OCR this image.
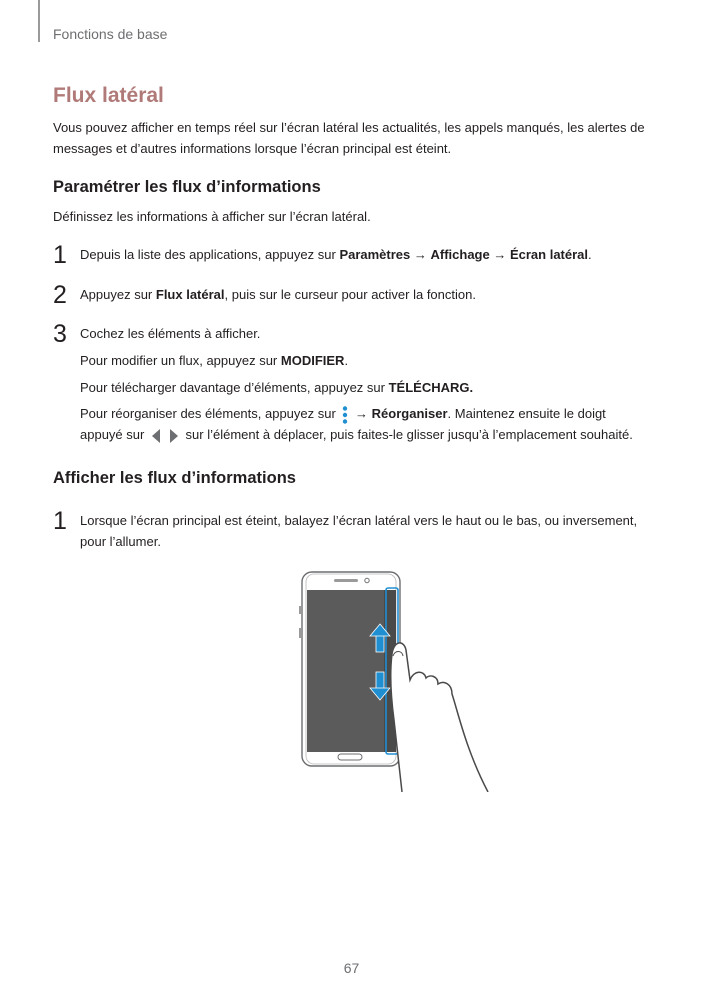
Fonctions de base
Flux latéral

Vous pouvez afficher en temps réel sur l’écran latéral les actualités, les appels manqués, les alertes de messages et d’autres informations lorsque l’écran principal est éteint.

Paramétrer les flux d’informations

Définissez les informations à afficher sur l’écran latéral.

1 Depuis la liste des applications, appuyez sur Paramètres → Affichage → Écran latéral.
2 Appuyez sur Flux latéral, puis sur le curseur pour activer la fonction.
3 Cochez les éléments à afficher.
Pour modifier un flux, appuyez sur MODIFIER.
Pour télécharger davantage d’éléments, appuyez sur TÉLÉCHARG.
Pour réorganiser des éléments, appuyez sur  → Réorganiser. Maintenez ensuite le doigt
appuyé sur	sur l’élément à déplacer, puis faites-le glisser jusqu’à l’emplacement souhaité.
Afficher les flux d’informations
1 Lorsque l’écran principal est éteint, balayez l’écran latéral vers le haut ou le bas, ou inversement,
pour l’allumer.
67
